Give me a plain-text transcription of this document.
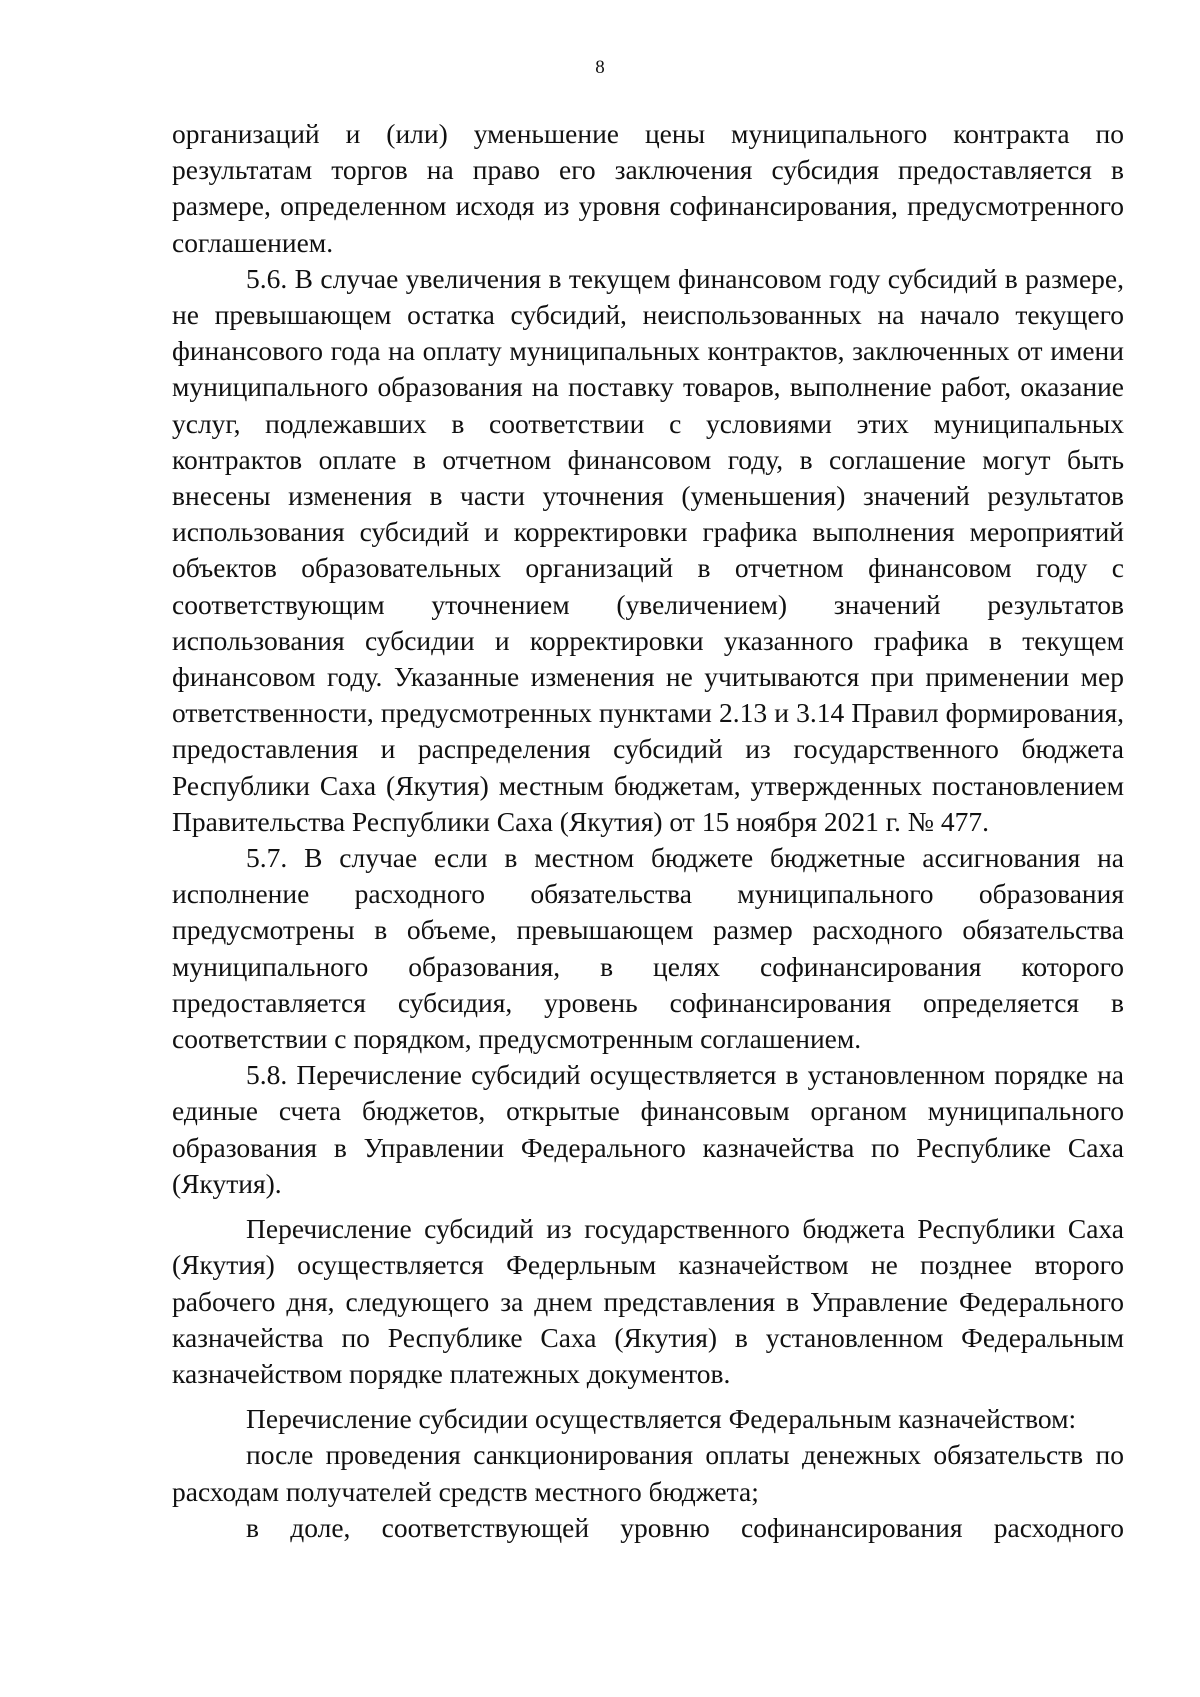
8

организаций и (или) уменьшение цены муниципального контракта по результатам торгов на право его заключения субсидия предоставляется в размере, определенном исходя из уровня софинансирования, предусмотренного соглашением.

5.6. В случае увеличения в текущем финансовом году субсидий в размере, не превышающем остатка субсидий, неиспользованных на начало текущего финансового года на оплату муниципальных контрактов, заключенных от имени муниципального образования на поставку товаров, выполнение работ, оказание услуг, подлежавших в соответствии с условиями этих муниципальных контрактов оплате в отчетном финансовом году, в соглашение могут быть внесены изменения в части уточнения (уменьшения) значений результатов использования субсидий и корректировки графика выполнения мероприятий объектов образовательных организаций в отчетном финансовом году с соответствующим уточнением (увеличением) значений результатов использования субсидии и корректировки указанного графика в текущем финансовом году. Указанные изменения не учитываются при применении мер ответственности, предусмотренных пунктами 2.13 и 3.14 Правил формирования, предоставления и распределения субсидий из государственного бюджета Республики Саха (Якутия) местным бюджетам, утвержденных постановлением Правительства Республики Саха (Якутия) от 15 ноября 2021 г. № 477.

5.7. В случае если в местном бюджете бюджетные ассигнования на исполнение расходного обязательства муниципального образования предусмотрены в объеме, превышающем размер расходного обязательства муниципального образования, в целях софинансирования которого предоставляется субсидия, уровень софинансирования определяется в соответствии с порядком, предусмотренным соглашением.

5.8. Перечисление субсидий осуществляется в установленном порядке на единые счета бюджетов, открытые финансовым органом муниципального образования в Управлении Федерального казначейства по Республике Саха (Якутия).

Перечисление субсидий из государственного бюджета Республики Саха (Якутия) осуществляется Федерльным казначейством не позднее второго рабочего дня, следующего за днем представления в Управление Федерального казначейства по Республике Саха (Якутия) в установленном Федеральным казначейством порядке платежных документов.

Перечисление субсидии осуществляется Федеральным казначейством:

после проведения санкционирования оплаты денежных обязательств по расходам получателей средств местного бюджета;

в доле, соответствующей уровню софинансирования расходного
